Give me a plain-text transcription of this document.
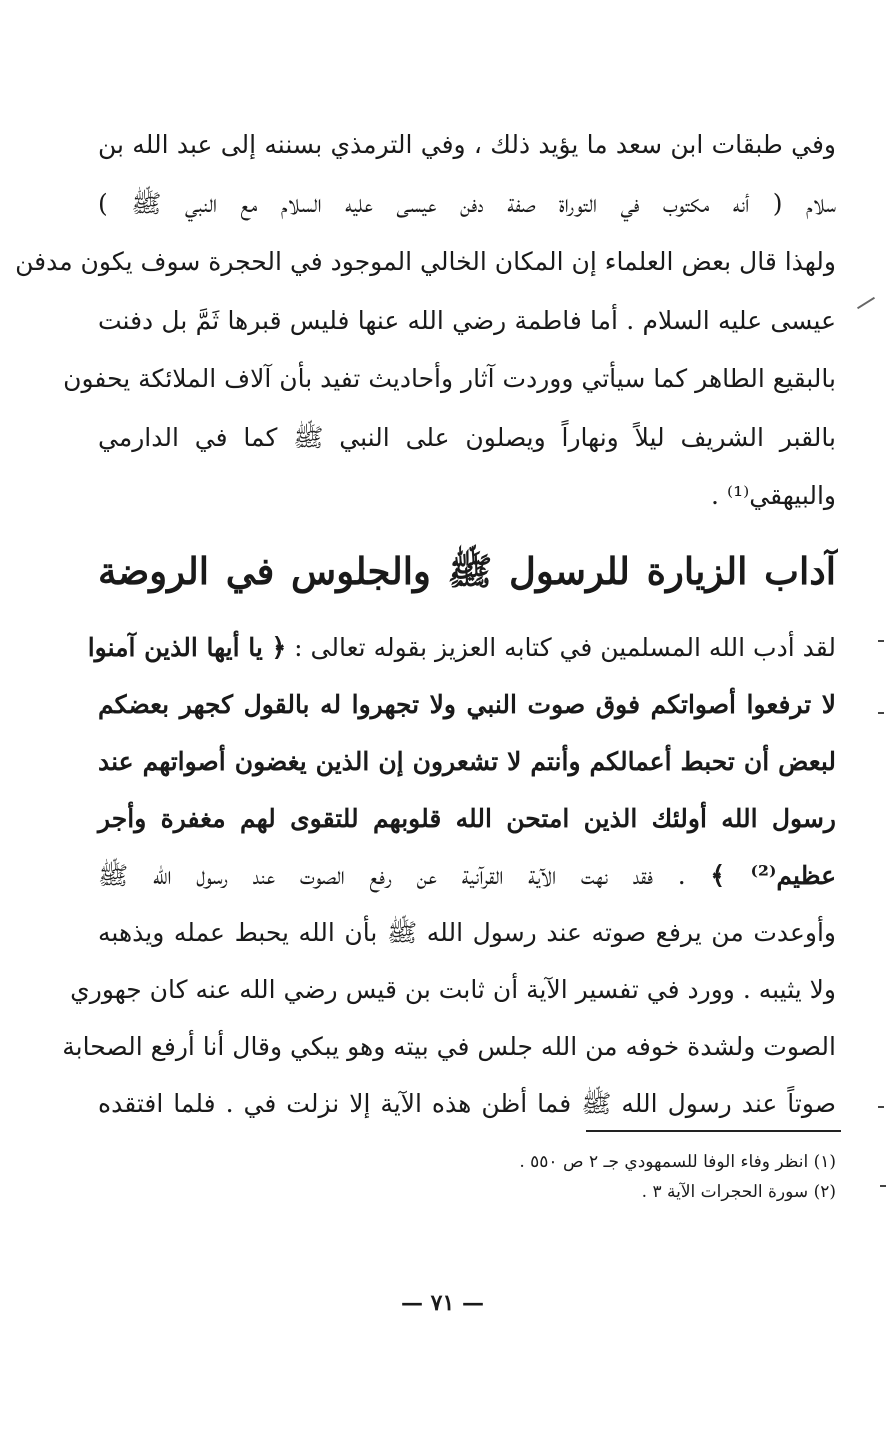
وفي طبقات ابن سعد ما يؤيد ذلك ، وفي الترمذي بسننه إلى عبد الله بن
سلام ( أنه مكتوب في التوراة صفة دفن عيسى عليه السلام مع النبي ﷺ )
ولهذا قال بعض العلماء إن المكان الخالي الموجود في الحجرة سوف يكون مدفن
عيسى عليه السلام . أما فاطمة رضي الله عنها فليس قبرها ثَمَّ بل دفنت
بالبقيع الطاهر كما سيأتي ووردت آثار وأحاديث تفيد بأن آلاف الملائكة يحفون
بالقبر الشريف ليلاً ونهاراً ويصلون على النبي ﷺ كما في الدارمي
والبيهقي⁽¹⁾ .
آداب الزيارة للرسول ﷺ والجلوس في الروضة
لقد أدب الله المسلمين في كتابه العزيز بقوله تعالى : ﴿ يا أيها الذين آمنوا
لا ترفعوا أصواتكم فوق صوت النبي ولا تجهروا له بالقول كجهر بعضكم
لبعض أن تحبط أعمالكم وأنتم لا تشعرون إن الذين يغضون أصواتهم عند
رسول الله أولئك الذين امتحن الله قلوبهم للتقوى لهم مغفرة وأجر
عظيم⁽²⁾ ﴾ . فقد نهت الآية القرآنية عن رفع الصوت عند رسول الله ﷺ
وأوعدت من يرفع صوته عند رسول الله ﷺ بأن الله يحبط عمله ويذهبه
ولا يثيبه . وورد في تفسير الآية أن ثابت بن قيس رضي الله عنه كان جهوري
الصوت ولشدة خوفه من الله جلس في بيته وهو يبكي وقال أنا أرفع الصحابة
صوتاً عند رسول الله ﷺ فما أظن هذه الآية إلا نزلت في . فلما افتقده
(١) انظر وفاء الوفا للسمهودي جـ ٢ ص ٥٥٠ .
(٢) سورة الحجرات الآية ٣ .
— ٧١ —
